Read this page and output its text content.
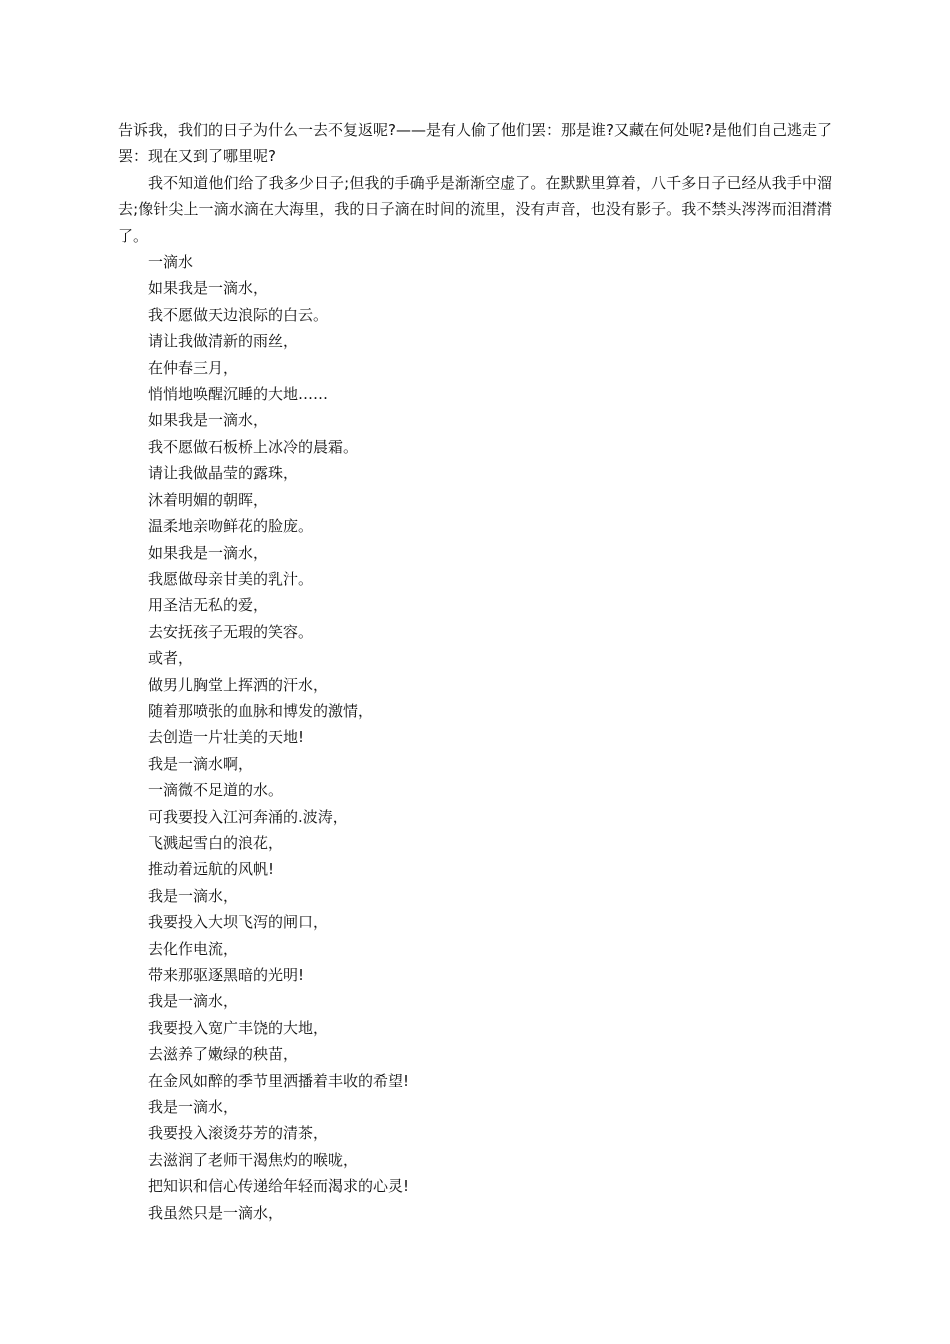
告诉我，我们的日子为什么一去不复返呢?——是有人偷了他们罢：那是谁?又藏在何处呢?是他们自己逃走了罢：现在又到了哪里呢?

我不知道他们给了我多少日子;但我的手确乎是渐渐空虚了。在默默里算着，八千多日子已经从我手中溜去;像针尖上一滴水滴在大海里，我的日子滴在时间的流里，没有声音，也没有影子。我不禁头涔涔而泪潸潸了。

一滴水
如果我是一滴水，
我不愿做天边浪际的白云。
请让我做清新的雨丝，
在仲春三月，
悄悄地唤醒沉睡的大地……
如果我是一滴水，
我不愿做石板桥上冰冷的晨霜。
请让我做晶莹的露珠，
沐着明媚的朝晖，
温柔地亲吻鲜花的脸庞。
如果我是一滴水，
我愿做母亲甘美的乳汁。
用圣洁无私的爱，
去安抚孩子无瑕的笑容。
或者，
做男儿胸堂上挥洒的汗水，
随着那喷张的血脉和博发的激情，
去创造一片壮美的天地!
我是一滴水啊，
一滴微不足道的水。
可我要投入江河奔涌的.波涛，
飞溅起雪白的浪花，
推动着远航的风帆!
我是一滴水，
我要投入大坝飞泻的闸口，
去化作电流，
带来那驱逐黑暗的光明!
我是一滴水，
我要投入宽广丰饶的大地，
去滋养了嫩绿的秧苗，
在金风如醉的季节里洒播着丰收的希望!
我是一滴水，
我要投入滚烫芬芳的清茶，
去滋润了老师干渴焦灼的喉咙，
把知识和信心传递给年轻而渴求的心灵!
我虽然只是一滴水，
